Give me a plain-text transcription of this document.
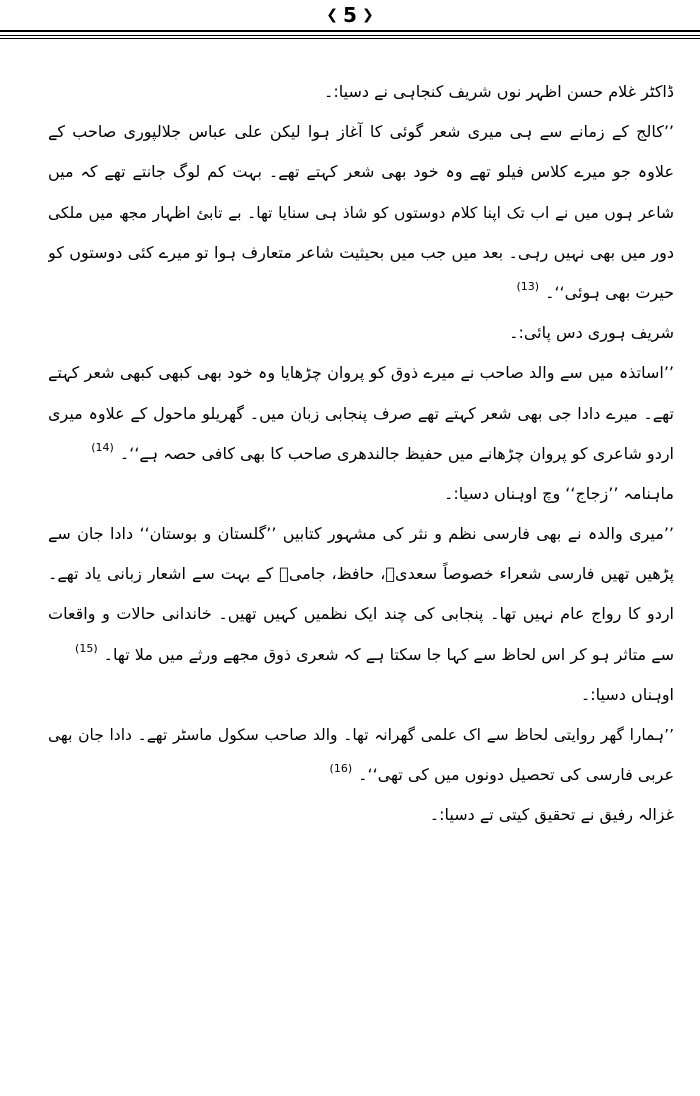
❮ 5 ❯
ڈاکٹر غلام حسن اظہر نوں شریف کنجاہی نے دسیا:۔
’’کالج کے زمانے سے ہی میری شعر گوئی کا آغاز ہوا لیکن علی عباس جلالپوری صاحب کے
علاوہ جو میرے کلاس فیلو تھے وہ خود بھی شعر کہتے تھے۔ بہت کم لوگ جانتے تھے کہ میں
شاعر ہوں میں نے اب تک اپنا کلام دوستوں کو شاذ ہی سنایا تھا۔ بے تابئ اظہار مجھ میں ملکی
دور میں بھی نہیں رہی۔ بعد میں جب میں بحیثیت شاعر متعارف ہوا تو میرے کئی دوستوں کو
حیرت بھی ہوئی‘‘۔$^{(13)}$
شریف ہوری دس پائی:۔
’’اساتذہ میں سے والد صاحب نے میرے ذوق کو پروان چڑھایا وہ خود بھی کبھی کبھی شعر کہتے
تھے۔ میرے دادا جی بھی شعر کہتے تھے صرف پنجابی زبان میں۔ گھریلو ماحول کے علاوہ میری
اردو شاعری کو پروان چڑھانے میں حفیظ جالندھری صاحب کا بھی کافی حصہ ہے‘‘۔$^{(14)}$
ماہنامہ ’’زجاج‘‘ وچ اوہناں دسیا:۔
’’میری والدہ نے بھی فارسی نظم و نثر کی مشہور کتابیں ’’گلستان و بوستان‘‘ دادا جان سے
پڑھیں تھیں فارسی شعراء خصوصاً سعدیؒ، حافظ، جامیؒ کے بہت سے اشعار زبانی یاد تھے۔
اردو کا رواج عام نہیں تھا۔ پنجابی کی چند ایک نظمیں کہیں تھیں۔ خاندانی حالات و واقعات
سے متاثر ہو کر اس لحاظ سے کہا جا سکتا ہے کہ شعری ذوق مجھے ورثے میں ملا تھا۔$^{(15)}$
اوہناں دسیا:۔
’’ہمارا گھر روایتی لحاظ سے اک علمی گھرانہ تھا۔ والد صاحب سکول ماسٹر تھے۔ دادا جان بھی
عربی فارسی کی تحصیل دونوں میں کی تھی‘‘۔$^{(16)}$
غزالہ رفیق نے تحقیق کیتی تے دسیا:۔
